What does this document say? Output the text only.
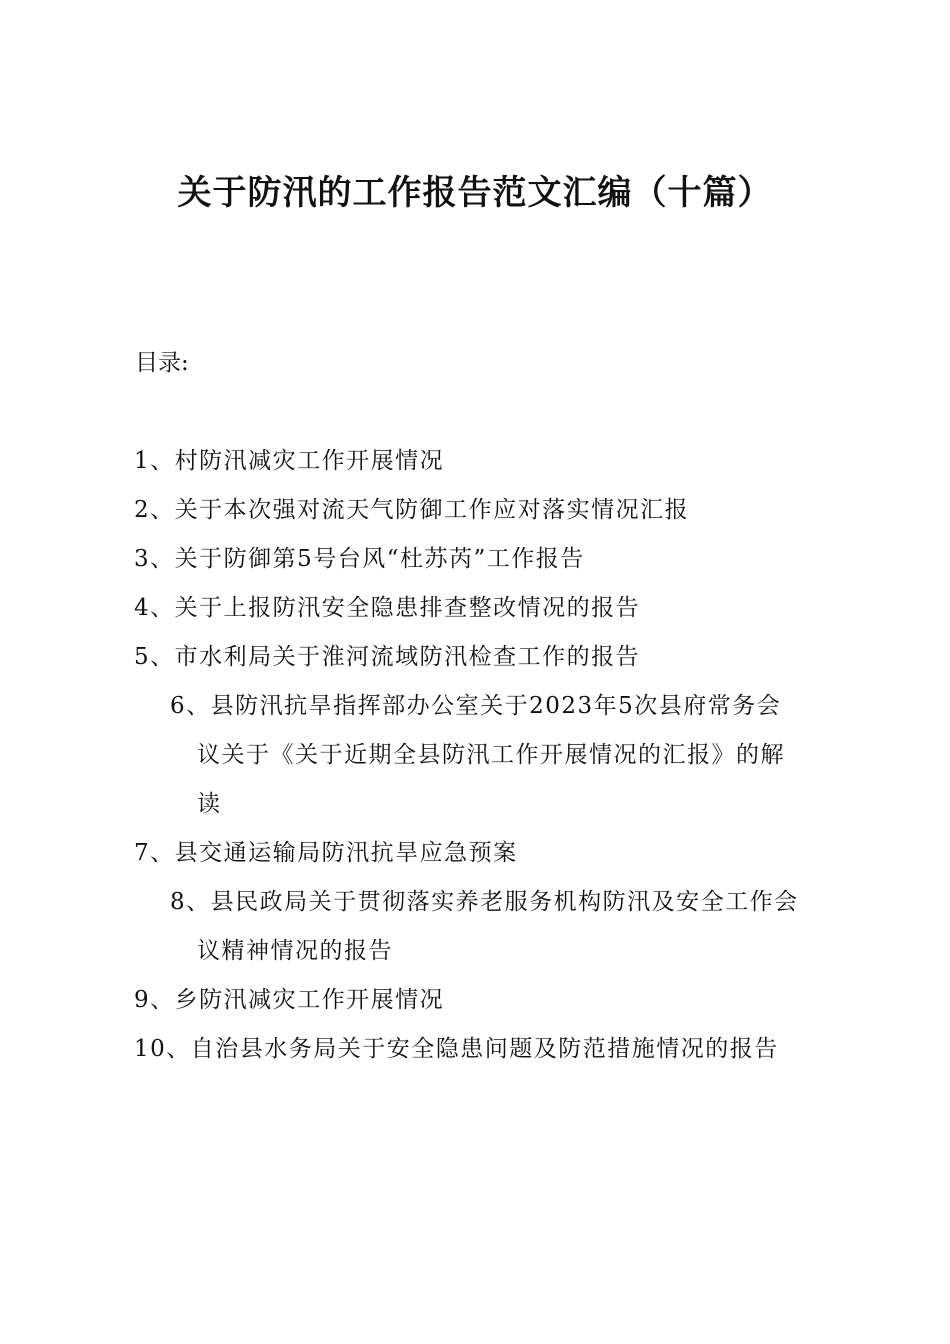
关于防汛的工作报告范文汇编（十篇）
目录:
1、村防汛减灾工作开展情况
2、关于本次强对流天气防御工作应对落实情况汇报
3、关于防御第5号台风“杜苏芮”工作报告
4、关于上报防汛安全隐患排查整改情况的报告
5、市水利局关于淮河流域防汛检查工作的报告
6、县防汛抗旱指挥部办公室关于2023年5次县府常务会
议关于《关于近期全县防汛工作开展情况的汇报》的解
读
7、县交通运输局防汛抗旱应急预案
8、县民政局关于贯彻落实养老服务机构防汛及安全工作会
议精神情况的报告
9、乡防汛减灾工作开展情况
10、自治县水务局关于安全隐患问题及防范措施情况的报告
